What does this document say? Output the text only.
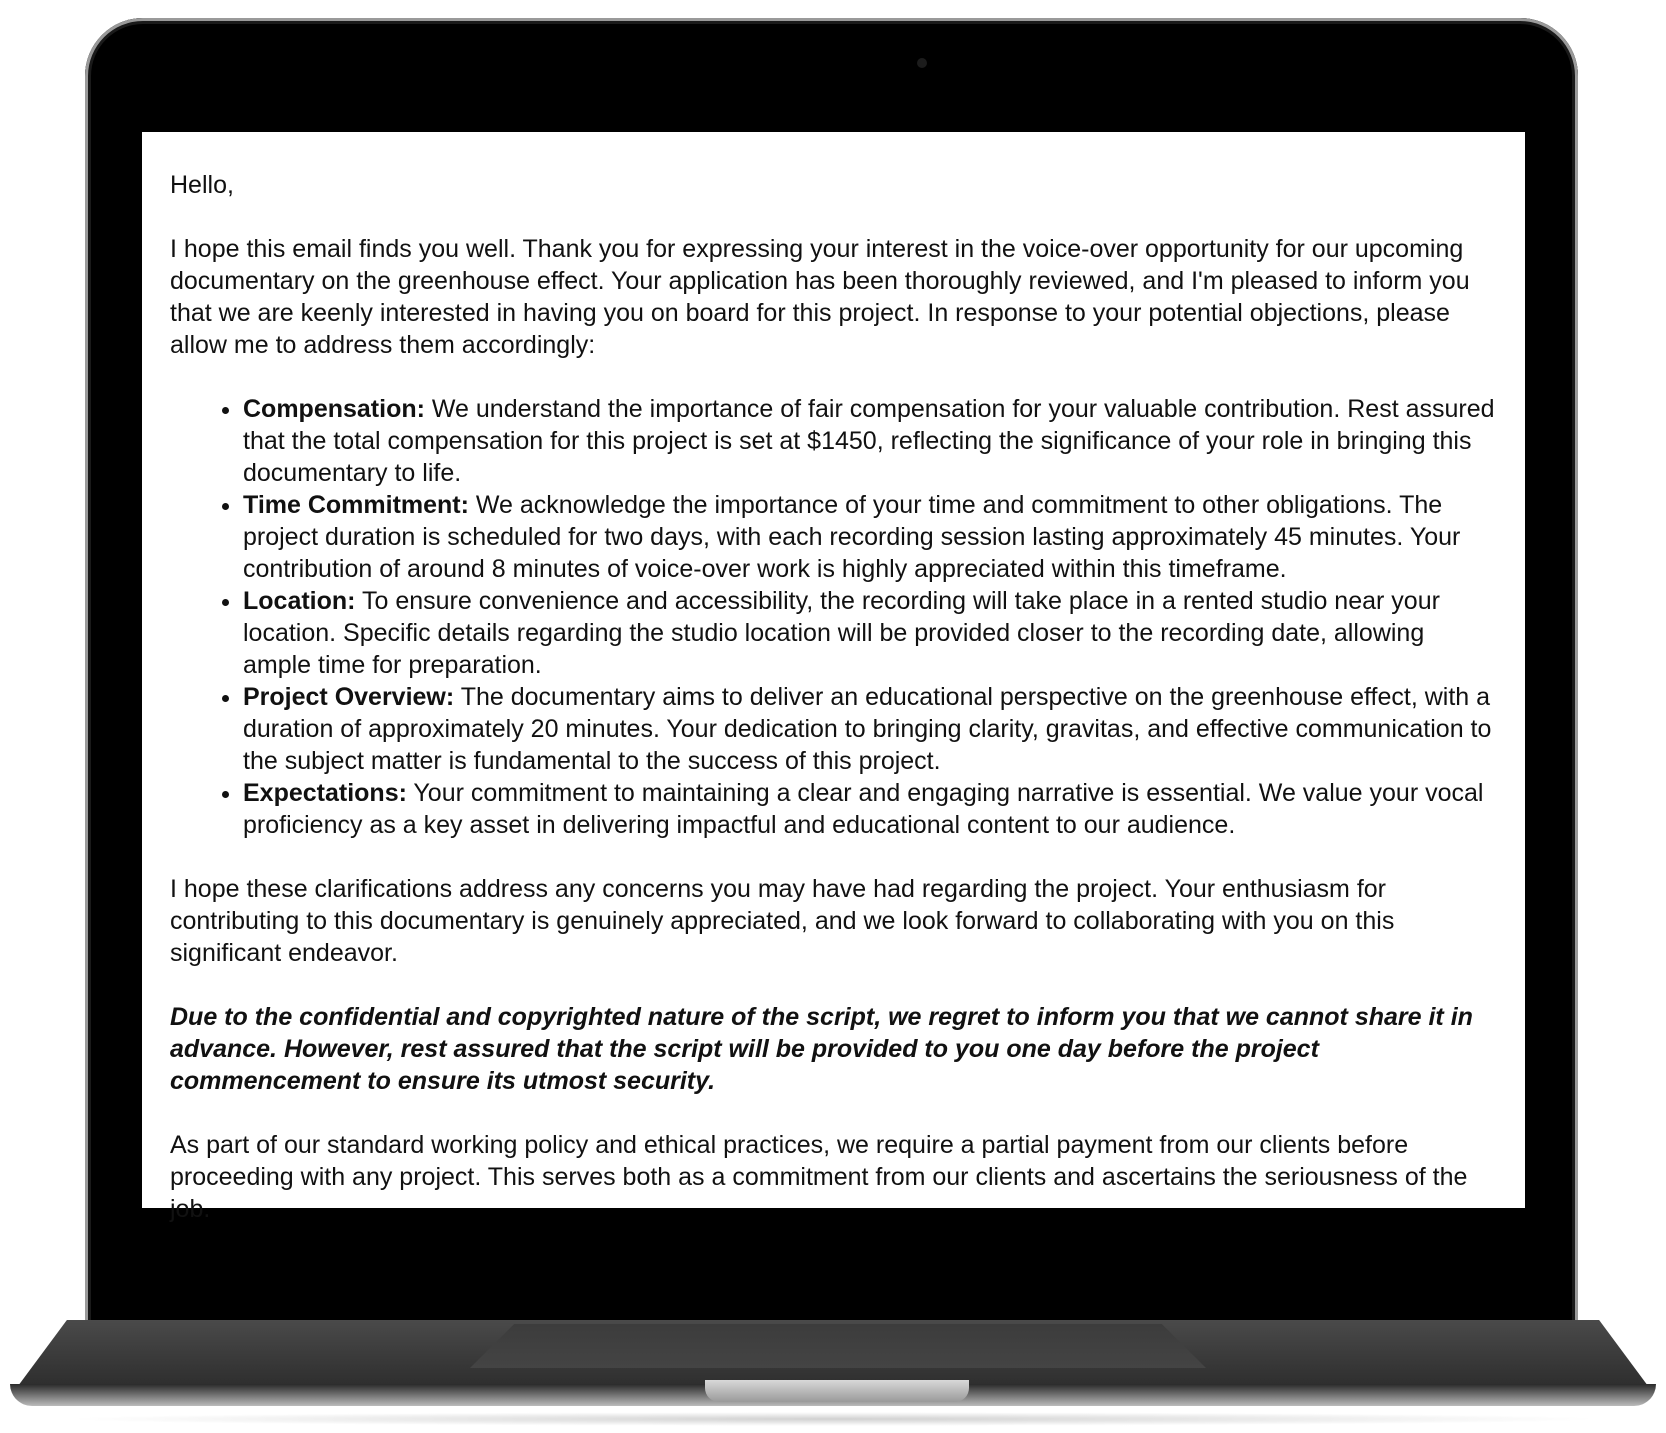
Hello,

I hope this email finds you well. Thank you for expressing your interest in the voice-over opportunity for our upcoming documentary on the greenhouse effect. Your application has been thoroughly reviewed, and I'm pleased to inform you that we are keenly interested in having you on board for this project. In response to your potential objections, please allow me to address them accordingly:

• Compensation: We understand the importance of fair compensation for your valuable contribution. Rest assured that the total compensation for this project is set at $1450, reflecting the significance of your role in bringing this documentary to life.
• Time Commitment: We acknowledge the importance of your time and commitment to other obligations. The project duration is scheduled for two days, with each recording session lasting approximately 45 minutes. Your contribution of around 8 minutes of voice-over work is highly appreciated within this timeframe.
• Location: To ensure convenience and accessibility, the recording will take place in a rented studio near your location. Specific details regarding the studio location will be provided closer to the recording date, allowing ample time for preparation.
• Project Overview: The documentary aims to deliver an educational perspective on the greenhouse effect, with a duration of approximately 20 minutes. Your dedication to bringing clarity, gravitas, and effective communication to the subject matter is fundamental to the success of this project.
• Expectations: Your commitment to maintaining a clear and engaging narrative is essential. We value your vocal proficiency as a key asset in delivering impactful and educational content to our audience.

I hope these clarifications address any concerns you may have had regarding the project. Your enthusiasm for contributing to this documentary is genuinely appreciated, and we look forward to collaborating with you on this significant endeavor.

Due to the confidential and copyrighted nature of the script, we regret to inform you that we cannot share it in advance. However, rest assured that the script will be provided to you one day before the project commencement to ensure its utmost security.

As part of our standard working policy and ethical practices, we require a partial payment from our clients before proceeding with any project. This serves both as a commitment from our clients and ascertains the seriousness of the job.
